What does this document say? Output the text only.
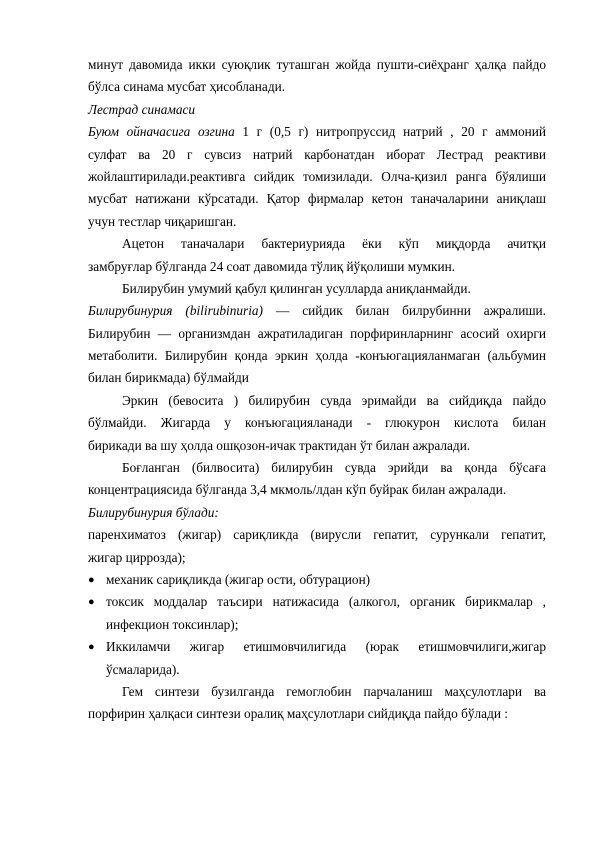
минут давомида икки суюқлик туташган жойда пушти-сиёҳранг ҳалқа пайдо
бўлса синама мусбат ҳисобланади.
Лестрад синамаси
Буюм ойначасига озгина 1 г (0,5 г) нитропруссид натрий , 20 г аммоний
сулфат ва 20 г сувсиз натрий карбонатдан иборат Лестрад реактиви
жойлаштирилади.реактивга сийдик томизилади. Олча-қизил ранга бўялиши
мусбат натижани кўрсатади. Қатор фирмалар кетон таначаларини аниқлаш
учун тестлар чиқаришган.
Ацетон таначалари бактериурияда ёки кўп миқдорда ачитқи
замбруғлар бўлганда 24 соат давомида тўлиқ йўқолиши мумкин.
Билирубин умумий қабул қилинган усулларда аниқланмайди.
Билирубинурия (bilirubinuria) — сийдик билан билрубинни ажралиши.
Билирубин — организмдан ажратиладиган порфиринларнинг асосий охирги
метаболити. Билирубин қонда эркин ҳолда -конъюгацияланмаган (альбумин
билан бирикмада) бўлмайди
Эркин (бевосита ) билирубин сувда эримайди ва сийдиқда пайдо
бўлмайди. Жигарда у конъюгацияланади - глюкурон кислота билан
бирикади ва шу ҳолда ошқозон-ичак трактидан ўт билан ажралади.
Боғланган (билвосита) билирубин сувда эрийди ва қонда бўсаға
концентрациясида бўлганда 3,4 мкмоль/лдан кўп буйрак билан ажралади.
Билирубинурия бўлади:
паренхиматоз (жигар) сариқликда (вирусли гепатит, сурункали гепатит,
жигар циррозда);
● механик сариқликда (жигар ости, обтурацион)
● токсик моддалар таъсири натижасида (алкогол, органик бирикмалар ,
инфекцион токсинлар);
● Иккиламчи жигар етишмовчилигида (юрак етишмовчилиги,жигар
ўсмаларида).
Гем синтези бузилганда гемоглобин парчаланиш маҳсулотлари ва
порфирин ҳалқаси синтези оралиқ маҳсулотлари сийдиқда пайдо бўлади :
